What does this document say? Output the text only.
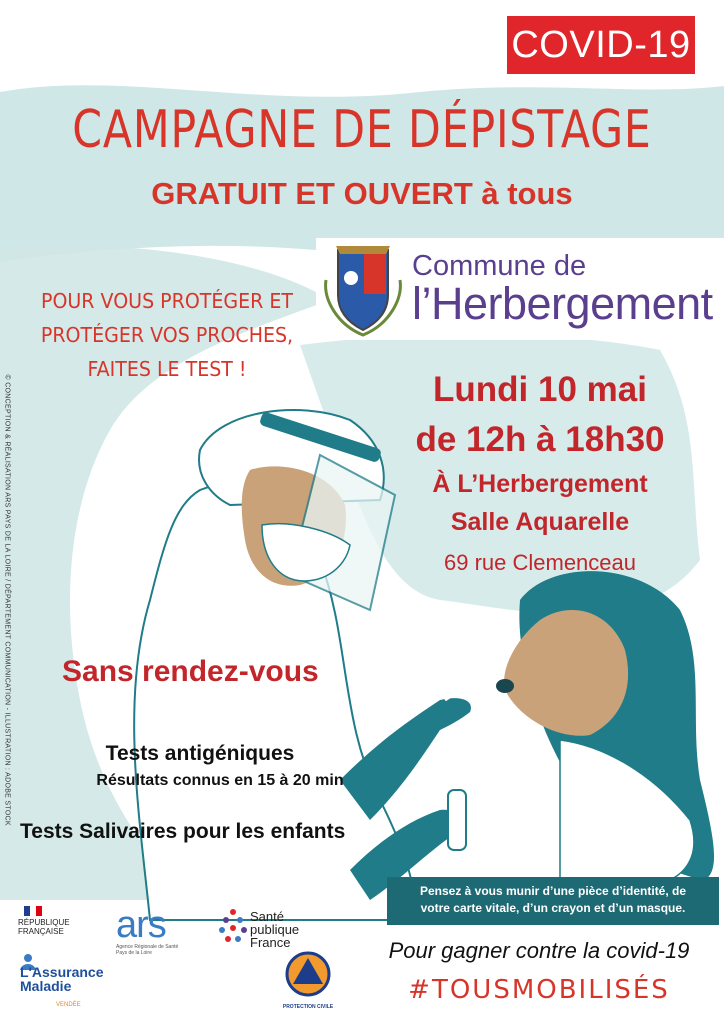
COVID-19
CAMPAGNE DE DÉPISTAGE
GRATUIT ET OUVERT à tous
Commune de
l’Herbergement
POUR VOUS PROTÉGER ET
PROTÉGER VOS PROCHES,
FAITES LE TEST !
© CONCEPTION & RÉALISATION ARS PAYS DE LA LOIRE / DÉPARTEMENT COMMUNICATION - ILLUSTRATION : ADOBE STOCK	Lundi 10 mai
de 12h à 18h30
À L’Herbergement
Salle Aquarelle
69 rue Clemenceau
Sans rendez-vous
Tests antigéniques
Résultats connus en 15 à 20 min
Tests Salivaires pour les enfants
Pensez à vous munir d’une pièce d’identité, de
votre carte vitale, d’un crayon et d’un masque.
Pour gagner contre la covid-19
#TOUSMOBILISÉS
RÉPUBLIQUE
FRANÇAISE ars
Agence Régionale de Santé
Pays de la Loire
Santé
publique
France
L'Assurance
Maladie
VENDÉE	PROTECTION CIVILE
